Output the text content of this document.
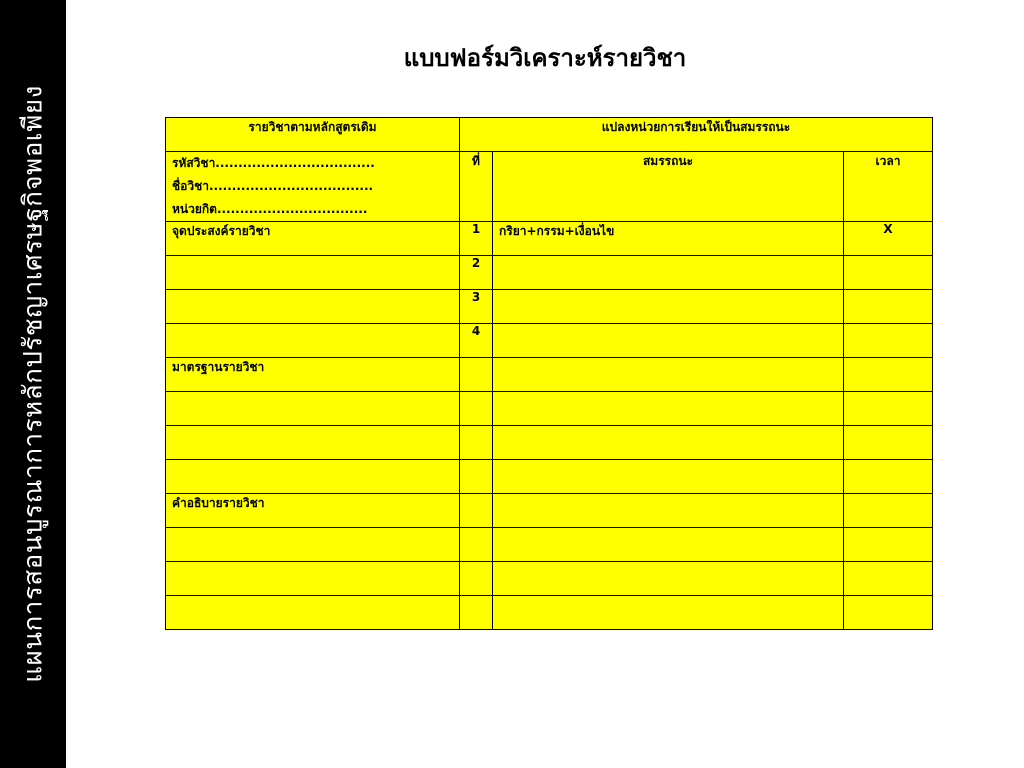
แผนการสอนบูรณาการหลักปรัชญาเศรษฐกิจพอเพียง
แบบฟอร์มวิเคราะห์รายวิชา
รายวิชาตามหลักสูตรเดิม	แปลงหน่วยการเรียนให้เป็นสมรรถนะ		

รหัสวิชา...................................
ชื่อวิชา....................................
หน่วยกิต.................................	ที่	สมรรถนะ	เวลา
จุดประสงค์รายวิชา	1	กริยา+กรรม+เงื่อนไข	X
	2		
	3		
	4		
มาตรฐานรายวิชา			

คำอธิบายรายวิชา			
